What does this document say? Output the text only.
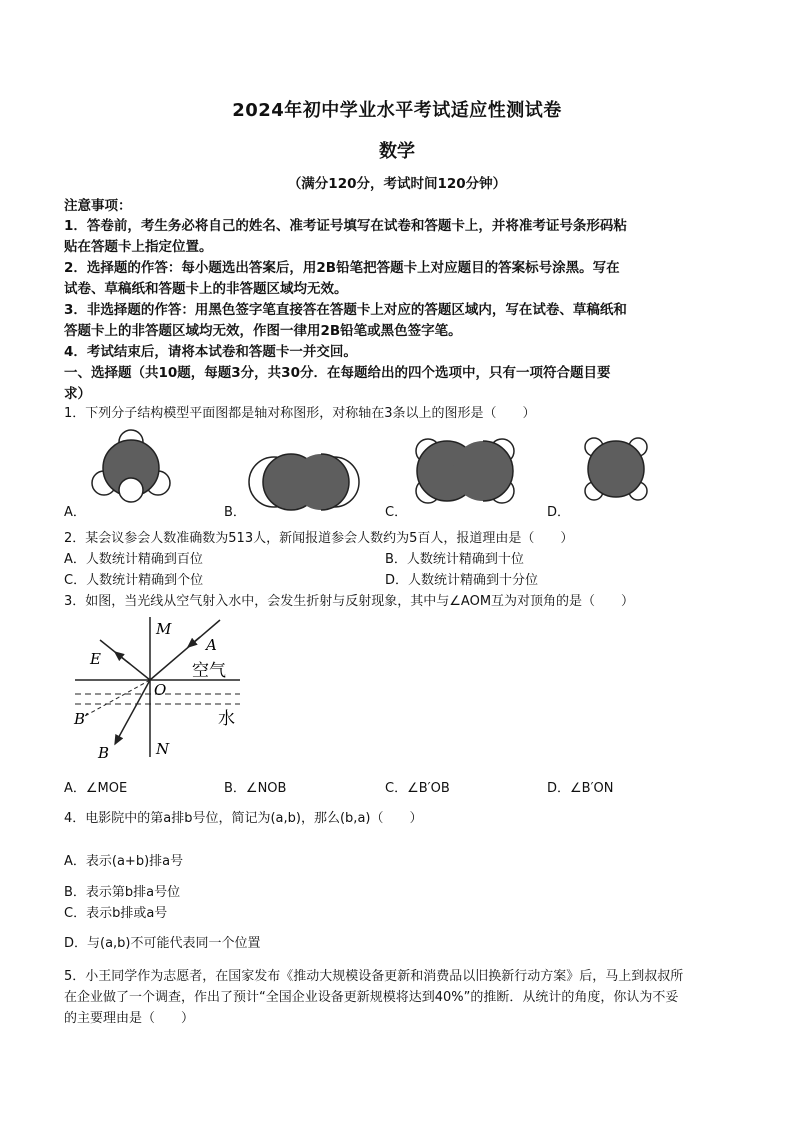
2024年初中学业水平考试适应性测试卷
数学
（满分120分，考试时间120分钟）
注意事项：
1．答卷前，考生务必将自己的姓名、准考证号填写在试卷和答题卡上，并将准考证号条形码粘
贴在答题卡上指定位置。
2．选择题的作答：每小题选出答案后，用2B铅笔把答题卡上对应题目的答案标号涂黑。写在
试卷、草稿纸和答题卡上的非答题区域均无效。
3．非选择题的作答：用黑色签字笔直接答在答题卡上对应的答题区域内，写在试卷、草稿纸和
答题卡上的非答题区域均无效，作图一律用2B铅笔或黑色签字笔。
4．考试结束后，请将本试卷和答题卡一并交回。
一、选择题（共10题，每题3分，共30分．在每题给出的四个选项中，只有一项符合题目要
求）
1．下列分子结构模型平面图都是轴对称图形，对称轴在3条以上的图形是（　　）
A．	B．	C．	D．
2．某会议参会人数准确数为513人，新闻报道参会人数约为5百人，报道理由是（　　）
A．人数统计精确到百位	B．人数统计精确到十位
C．人数统计精确到个位	D．人数统计精确到十分位
3．如图，当光线从空气射入水中，会发生折射与反射现象，其中与∠AOM互为对顶角的是（　　）
M
A
E
空气
O
水
B′
B	N
A．∠MOE	B．∠NOB	C．∠B′OB	D．∠B′ON
4．电影院中的第a排b号位，简记为(a,b)，那么(b,a)（　　）
A．表示(a+b)排a号
B．表示第b排a号位
C．表示b排或a号
D．与(a,b)不可能代表同一个位置
5．小王同学作为志愿者，在国家发布《推动大规模设备更新和消费品以旧换新行动方案》后，马上到叔叔所
在企业做了一个调查，作出了预计“全国企业设备更新规模将达到40%”的推断．从统计的角度，你认为不妥
的主要理由是（　　）
